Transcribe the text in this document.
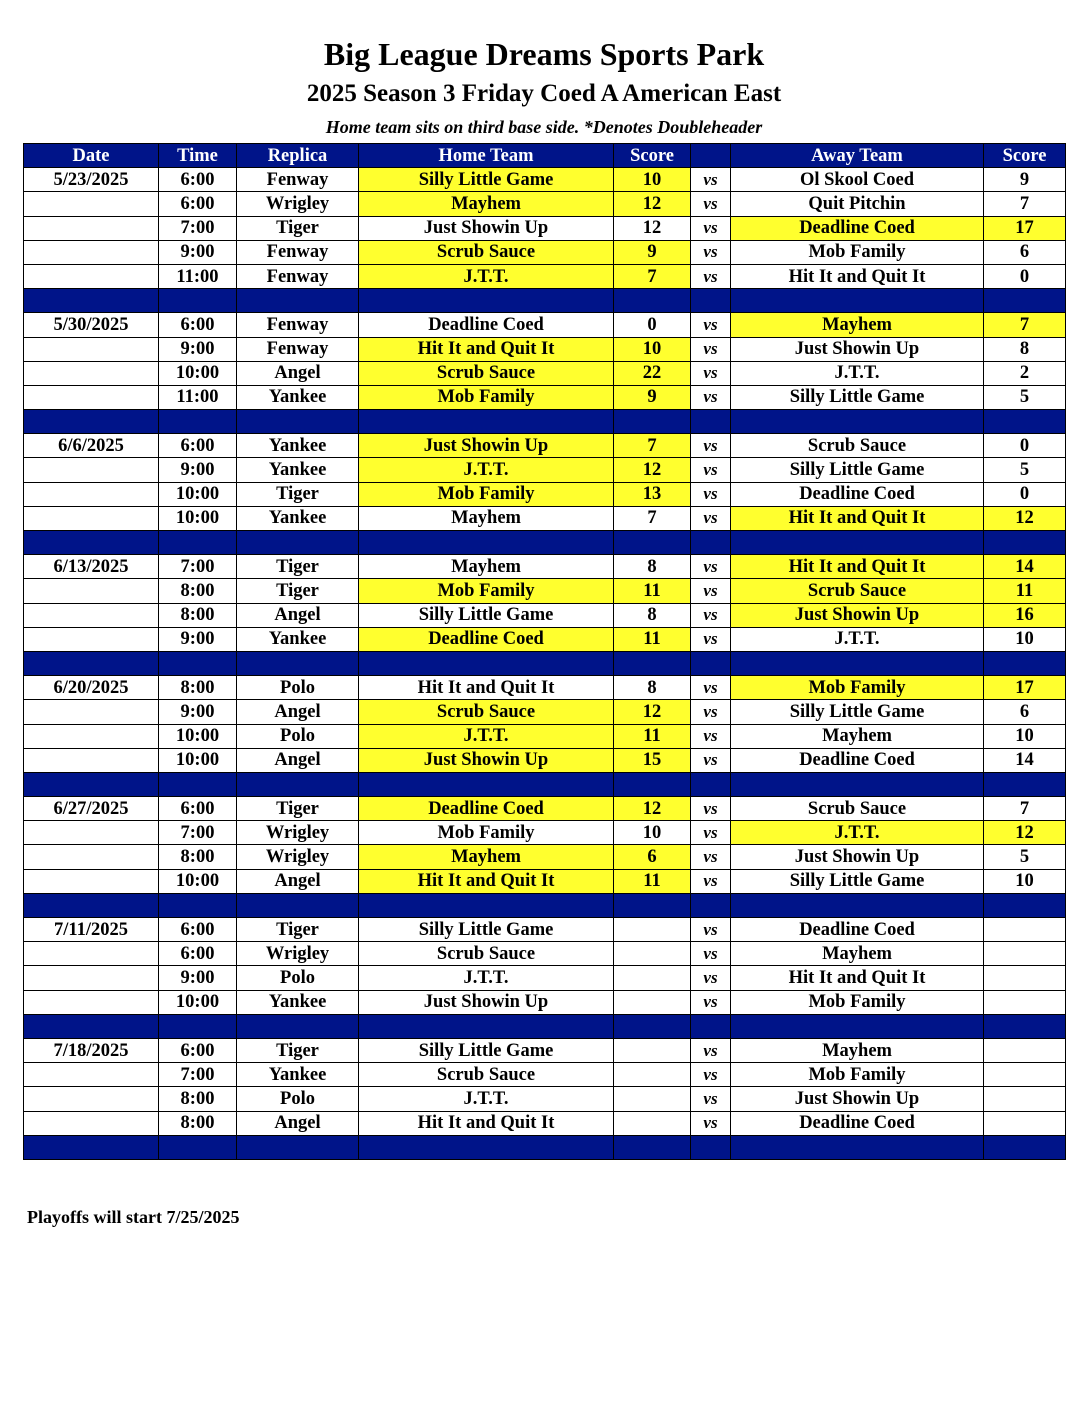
Big League Dreams Sports Park
2025 Season 3 Friday Coed A American East
Home team sits on third base side. *Denotes Doubleheader
Date	Time	Replica	Home Team	Score		Away Team	Score
5/23/2025	6:00	Fenway	Silly Little Game	10	vs	Ol Skool Coed	9
	6:00	Wrigley	Mayhem	12	vs	Quit Pitchin	7
	7:00	Tiger	Just Showin Up	12	vs	Deadline Coed	17
	9:00	Fenway	Scrub Sauce	9	vs	Mob Family	6
	11:00	Fenway	J.T.T.	7	vs	Hit It and Quit It	0

5/30/2025	6:00	Fenway	Deadline Coed	0	vs	Mayhem	7
	9:00	Fenway	Hit It and Quit It	10	vs	Just Showin Up	8
	10:00	Angel	Scrub Sauce	22	vs	J.T.T.	2
	11:00	Yankee	Mob Family	9	vs	Silly Little Game	5

6/6/2025	6:00	Yankee	Just Showin Up	7	vs	Scrub Sauce	0
	9:00	Yankee	J.T.T.	12	vs	Silly Little Game	5
	10:00	Tiger	Mob Family	13	vs	Deadline Coed	0
	10:00	Yankee	Mayhem	7	vs	Hit It and Quit It	12

6/13/2025	7:00	Tiger	Mayhem	8	vs	Hit It and Quit It	14
	8:00	Tiger	Mob Family	11	vs	Scrub Sauce	11
	8:00	Angel	Silly Little Game	8	vs	Just Showin Up	16
	9:00	Yankee	Deadline Coed	11	vs	J.T.T.	10

6/20/2025	8:00	Polo	Hit It and Quit It	8	vs	Mob Family	17
	9:00	Angel	Scrub Sauce	12	vs	Silly Little Game	6
	10:00	Polo	J.T.T.	11	vs	Mayhem	10
	10:00	Angel	Just Showin Up	15	vs	Deadline Coed	14

6/27/2025	6:00	Tiger	Deadline Coed	12	vs	Scrub Sauce	7
	7:00	Wrigley	Mob Family	10	vs	J.T.T.	12
	8:00	Wrigley	Mayhem	6	vs	Just Showin Up	5
	10:00	Angel	Hit It and Quit It	11	vs	Silly Little Game	10

7/11/2025	6:00	Tiger	Silly Little Game		vs	Deadline Coed	
	6:00	Wrigley	Scrub Sauce		vs	Mayhem	
	9:00	Polo	J.T.T.		vs	Hit It and Quit It	
	10:00	Yankee	Just Showin Up		vs	Mob Family	

7/18/2025	6:00	Tiger	Silly Little Game		vs	Mayhem	
	7:00	Yankee	Scrub Sauce		vs	Mob Family	
	8:00	Polo	J.T.T.		vs	Just Showin Up	
	8:00	Angel	Hit It and Quit It		vs	Deadline Coed	

Playoffs will start 7/25/2025
